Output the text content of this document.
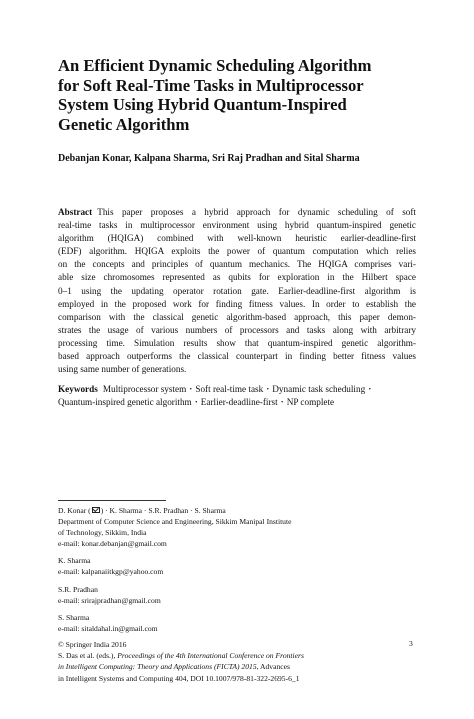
An Efficient Dynamic Scheduling Algorithm
for Soft Real-Time Tasks in Multiprocessor
System Using Hybrid Quantum-Inspired
Genetic Algorithm
Debanjan Konar, Kalpana Sharma, Sri Raj Pradhan and Sital Sharma
Abstract This paper proposes a hybrid approach for dynamic scheduling of soft
real-time tasks in multiprocessor environment using hybrid quantum-inspired genetic
algorithm (HQIGA) combined with well-known heuristic earlier-deadline-first
(EDF) algorithm. HQIGA exploits the power of quantum computation which relies
on the concepts and principles of quantum mechanics. The HQIGA comprises vari-
able size chromosomes represented as qubits for exploration in the Hilbert space
0–1 using the updating operator rotation gate. Earlier-deadline-first algorithm is
employed in the proposed work for finding fitness values. In order to establish the
comparison with the classical genetic algorithm-based approach, this paper demon-
strates the usage of various numbers of processors and tasks along with arbitrary
processing time. Simulation results show that quantum-inspired genetic algorithm-
based approach outperforms the classical counterpart in finding better fitness values
using same number of generations.
Keywords Multiprocessor system · Soft real-time task · Dynamic task scheduling ·
Quantum-inspired genetic algorithm · Earlier-deadline-first · NP complete
D. Konar ( ) · K. Sharma · S.R. Pradhan · S. Sharma
Department of Computer Science and Engineering, Sikkim Manipal Institute
of Technology, Sikkim, India
e-mail: konar.debanjan@gmail.com
K. Sharma
e-mail: kalpanaiitkgp@yahoo.com
S.R. Pradhan
e-mail: srirajpradhan@gmail.com
S. Sharma
e-mail: sitaldahal.in@gmail.com
© Springer India 2016
S. Das et al. (eds.), Proceedings of the 4th International Conference on Frontiers
in Intelligent Computing: Theory and Applications (FICTA) 2015, Advances
in Intelligent Systems and Computing 404, DOI 10.1007/978-81-322-2695-6_1
3
